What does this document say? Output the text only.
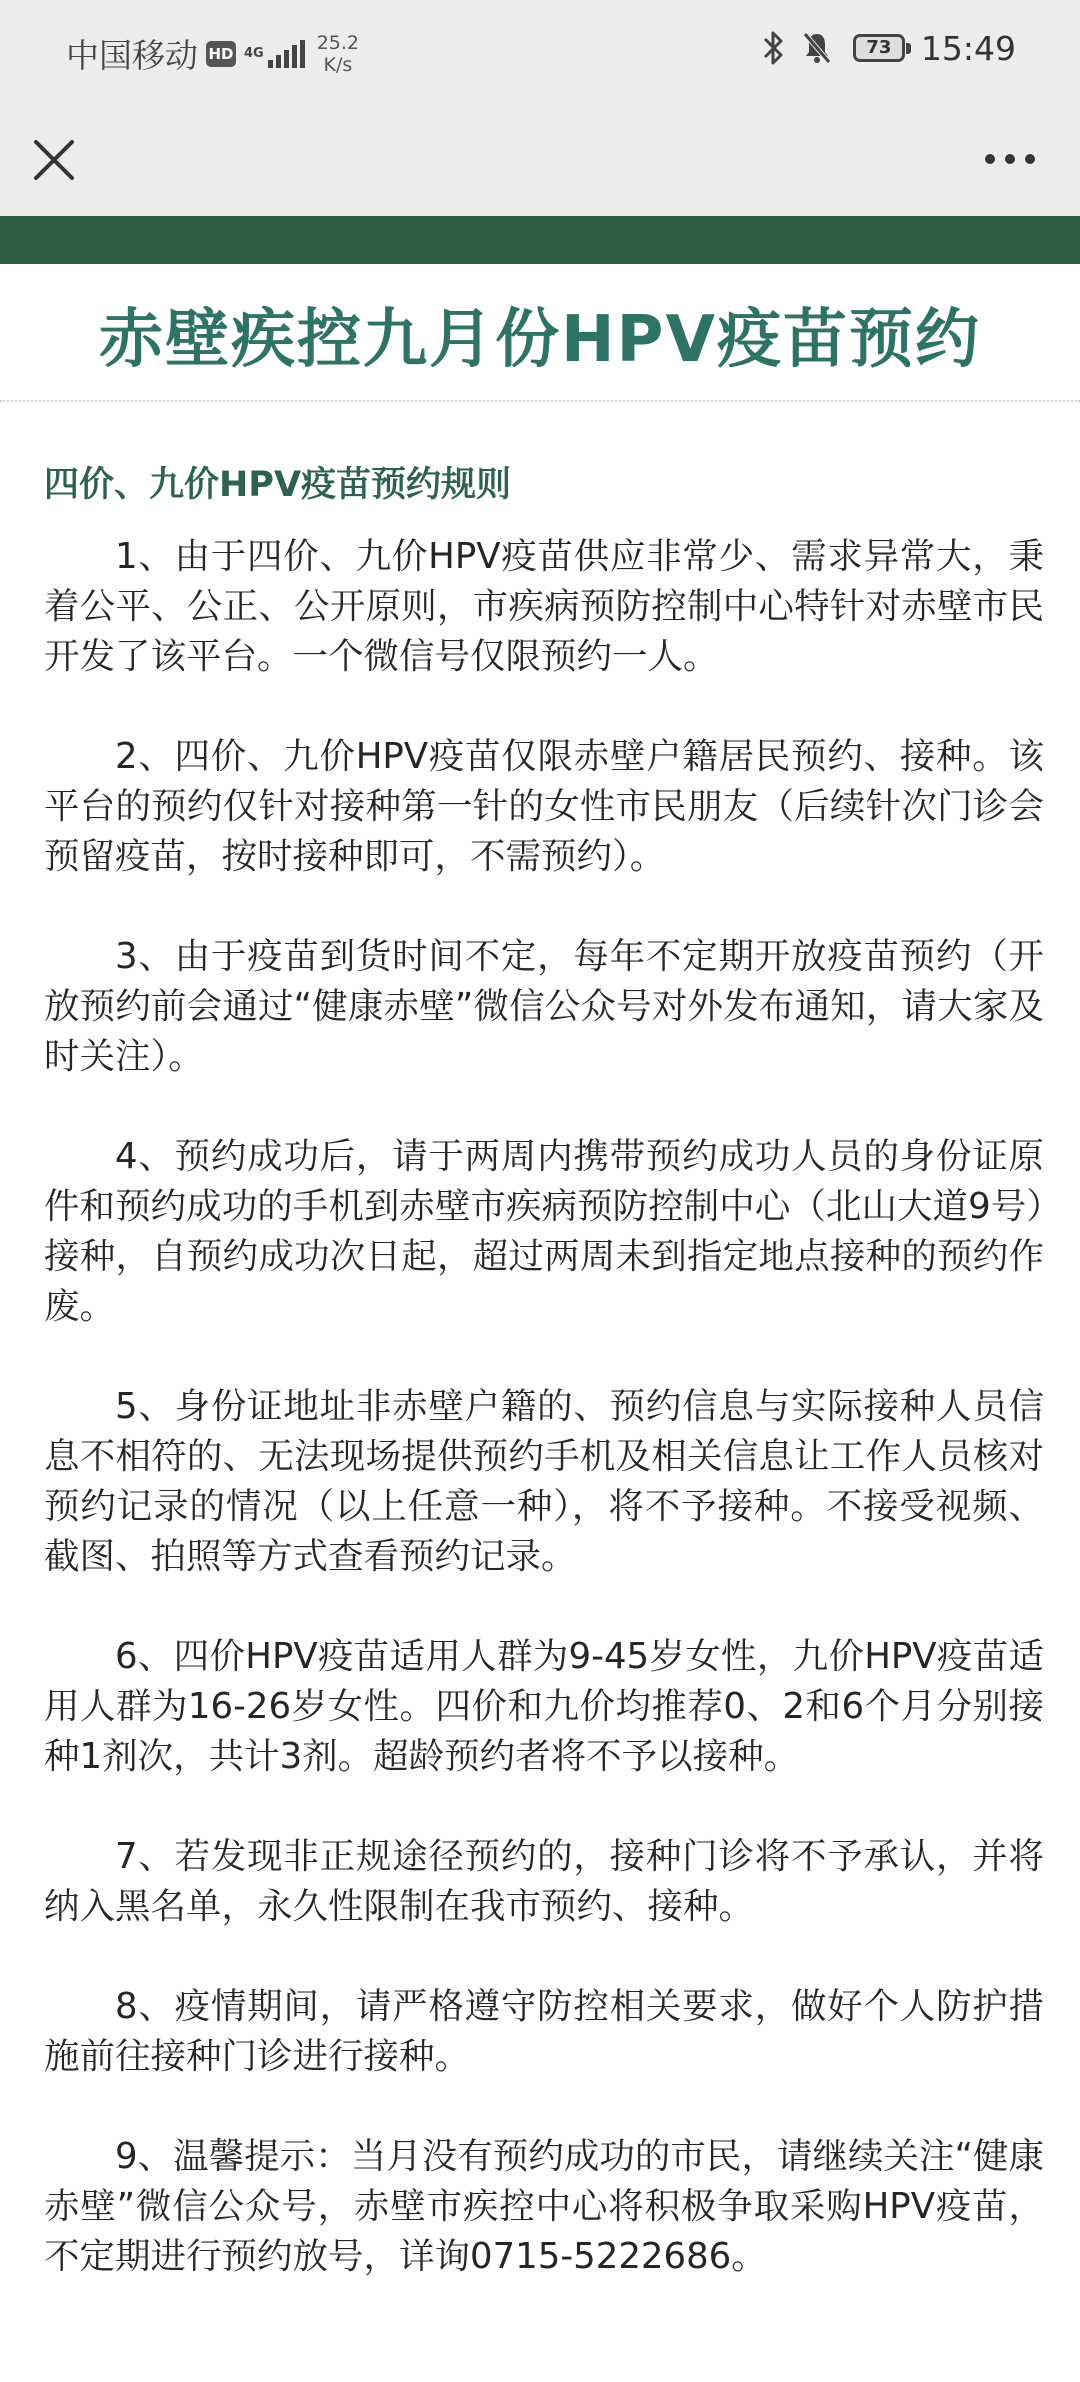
中国移动 HD 4G	25.2
K/s
73 15:49
赤壁疾控九月份HPV疫苗预约
四价、九价HPV疫苗预约规则

1、由于四价、九价HPV疫苗供应非常少、需求异常大，秉着公平、公正、公开原则，市疾病预防控制中心特针对赤壁市民开发了该平台。一个微信号仅限预约一人。

2、四价、九价HPV疫苗仅限赤壁户籍居民预约、接种。该平台的预约仅针对接种第一针的女性市民朋友（后续针次门诊会预留疫苗，按时接种即可，不需预约）。

3、由于疫苗到货时间不定，每年不定期开放疫苗预约（开放预约前会通过“健康赤壁”微信公众号对外发布通知，请大家及时关注）。

4、预约成功后，请于两周内携带预约成功人员的身份证原件和预约成功的手机到赤壁市疾病预防控制中心（北山大道9号）接种，自预约成功次日起，超过两周未到指定地点接种的预约作废。

5、身份证地址非赤壁户籍的、预约信息与实际接种人员信息不相符的、无法现场提供预约手机及相关信息让工作人员核对预约记录的情况（以上任意一种），将不予接种。不接受视频、截图、拍照等方式查看预约记录。

6、四价HPV疫苗适用人群为9-45岁女性，九价HPV疫苗适用人群为16-26岁女性。四价和九价均推荐0、2和6个月分别接种1剂次，共计3剂。超龄预约者将不予以接种。

7、若发现非正规途径预约的，接种门诊将不予承认，并将纳入黑名单，永久性限制在我市预约、接种。

8、疫情期间，请严格遵守防控相关要求，做好个人防护措施前往接种门诊进行接种。

9、温馨提示：当月没有预约成功的市民，请继续关注“健康赤壁”微信公众号，赤壁市疾控中心将积极争取采购HPV疫苗，不定期进行预约放号，详询0715-5222686。
